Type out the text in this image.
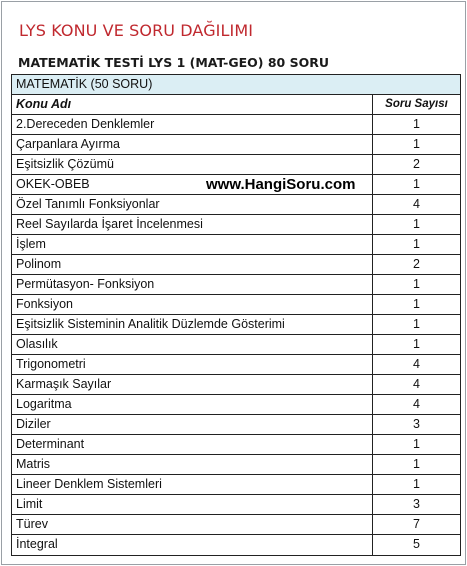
LYS KONU VE SORU DAĞILIMI
MATEMATİK TESTİ LYS 1 (MAT-GEO) 80 SORU
MATEMATİK (50 SORU)
Konu Adı	Soru Sayısı
2.Dereceden Denklemler	1
Çarpanlara Ayırma	1
Eşitsizlik Çözümü	2
OKEK-OBEB	1
Özel Tanımlı Fonksiyonlar	4
Reel Sayılarda İşaret İncelenmesi	1
İşlem	1
Polinom	2
Permütasyon- Fonksiyon	1
Fonksiyon	1
Eşitsizlik Sisteminin Analitik Düzlemde Gösterimi	1
Olasılık	1
Trigonometri	4
Karmaşık Sayılar	4
Logaritma	4
Diziler	3
Determinant	1
Matris	1
Lineer Denklem Sistemleri	1
Limit	3
Türev	7
İntegral	5
www.HangiSoru.com
